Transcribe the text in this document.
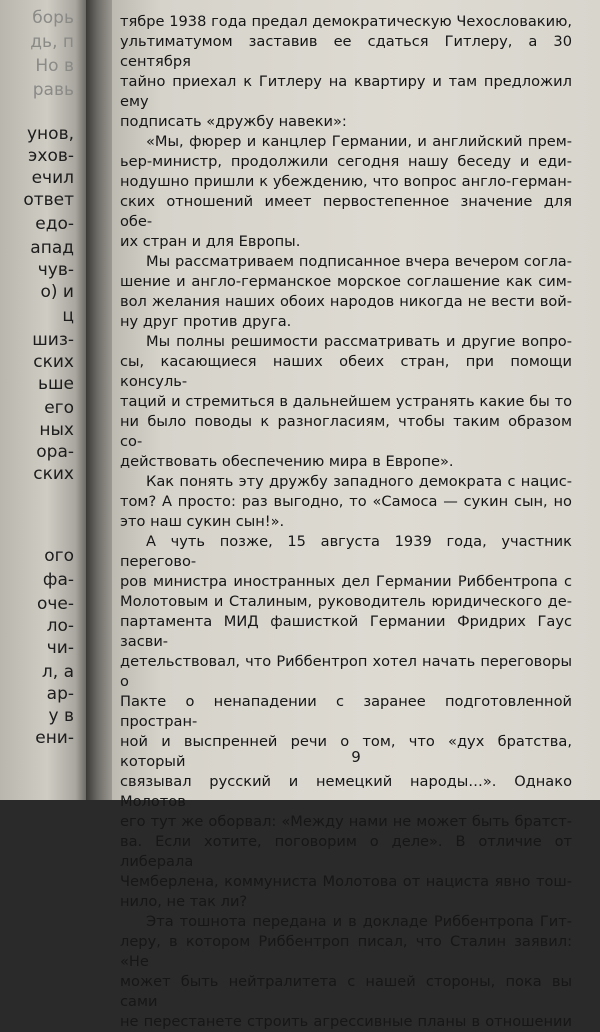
борь
дь, п
Но в
равь
унов,
эхов-
ечил
ответ
едо-
апад
чув-
о) и
ц
шиз-
ских
ьше
его
ных
ора-
ских
ого
фа-
оче-
ло-
чи-
л, а
ар-
у в
ени-

тябре 1938 года предал демократическую Чехословакию,
ультиматумом заставив ее сдаться Гитлеру, а 30 сентября
тайно приехал к Гитлеру на квартиру и там предложил ему
подписать «дружбу навеки»:

«Мы, фюрер и канцлер Германии, и английский прем-
ьер-министр, продолжили сегодня нашу беседу и еди-
нодушно пришли к убеждению, что вопрос англо-герман-
ских отношений имеет первостепенное значение для обе-
их стран и для Европы.

Мы рассматриваем подписанное вчера вечером согла-
шение и англо-германское морское соглашение как сим-
вол желания наших обоих народов никогда не вести вой-
ну друг против друга.

Мы полны решимости рассматривать и другие вопро-
сы, касающиеся наших обеих стран, при помощи консуль-
таций и стремиться в дальнейшем устранять какие бы то
ни было поводы к разногласиям, чтобы таким образом со-
действовать обеспечению мира в Европе».

Как понять эту дружбу западного демократа с нацис-
том? А просто: раз выгодно, то «Самоса — сукин сын, но
это наш сукин сын!».

А чуть позже, 15 августа 1939 года, участник перегово-
ров министра иностранных дел Германии Риббентропа с
Молотовым и Сталиным, руководитель юридического де-
партамента МИД фашисткой Германии Фридрих Гаус засви-
детельствовал, что Риббентроп хотел начать переговоры о
Пакте о ненападении с заранее подготовленной простран-
ной и выспренней речи о том, что «дух братства, который
связывал русский и немецкий народы…». Однако Молотов
его тут же оборвал: «Между нами не может быть братст-
ва. Если хотите, поговорим о деле». В отличие от либерала
Чемберлена, коммуниста Молотова от нациста явно тош-
нило, не так ли?

Эта тошнота передана и в докладе Риббентропа Гит-
леру, в котором Риббентроп писал, что Сталин заявил: «Не
может быть нейтралитета с нашей стороны, пока вы сами
не перестанете строить агрессивные планы в отношении

9
